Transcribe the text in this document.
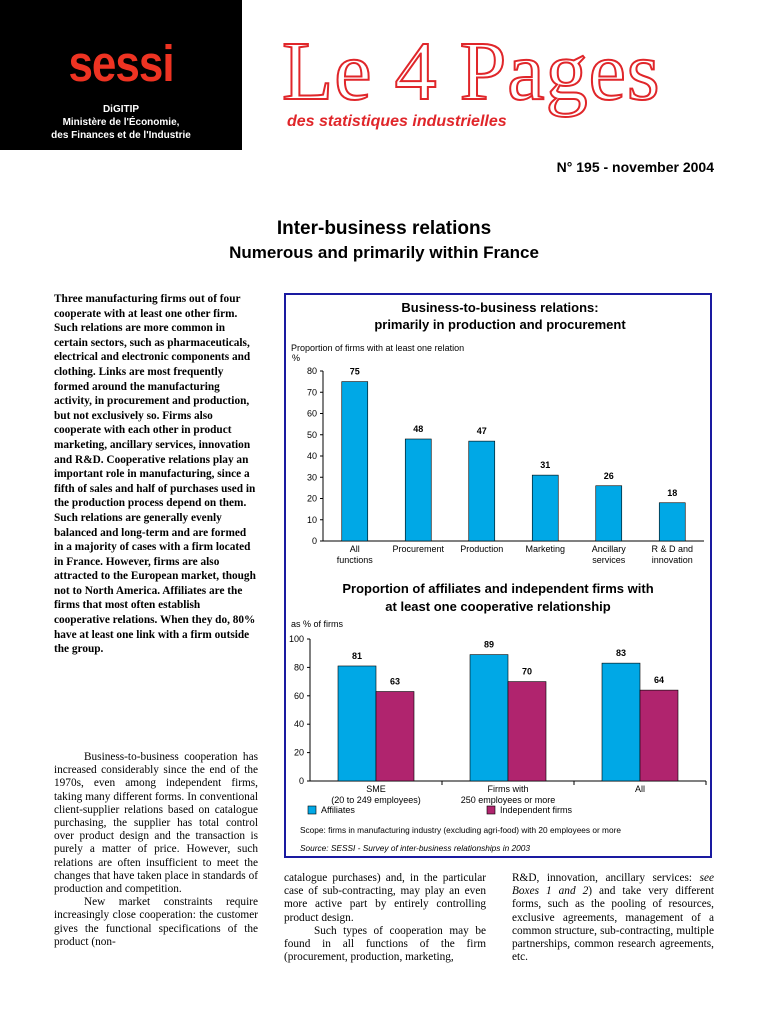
sessi
DiGITIP
Ministère de l'Économie,
des Finances et de l'Industrie
Le 4 Pages
des statistiques industrielles
N° 195 - november 2004
Inter-business relations
Numerous and primarily within France
Three manufacturing firms out of four cooperate with at least one other firm. Such relations are more common in certain sectors, such as pharmaceuticals, electrical and electronic components and clothing. Links are most frequently formed around the manufacturing activity, in procurement and production, but not exclusively so. Firms also cooperate with each other in product marketing, ancillary services, innovation and R&D. Cooperative relations play an important role in manufacturing, since a fifth of sales and half of purchases used in the production process depend on them. Such relations are generally evenly balanced and long-term and are formed in a majority of cases with a firm located in France. However, firms are also attracted to the European market, though not to North America. Affiliates are the firms that most often establish cooperative relations. When they do, 80% have at least one link with a firm outside the group.
Business-to-business cooperation has increased considerably since the end of the 1970s, even among independent firms, taking many different forms. In conventional client-supplier relations based on catalogue purchasing, the supplier has total control over product design and the transaction is purely a matter of price. However, such relations are often insufficient to meet the changes that have taken place in standards of production and competition.
New market constraints require increasingly close cooperation: the customer gives the functional specifications of the product (non-
catalogue purchases) and, in the particular case of sub-contracting, may play an even more active part by entirely controlling product design.
Such types of cooperation may be found in all functions of the firm (procurement, production, marketing,
R&D, innovation, ancillary services: see Boxes 1 and 2) and take very different forms, such as the pooling of resources, exclusive agreements, management of a common structure, sub-contracting, multiple partnerships, common research agreements, etc.
Business-to-business relations:
primarily in production and procurement
Proportion of firms with at least one relation
%
0
10
20
30
40
50
60
70
80	75
All
functions
48
Procurement
47
Production
31
Marketing
26
Ancillary
services
18
R & D and
innovation
Proportion of affiliates and independent firms with
at least one cooperative relationship
as % of firms
0
20
40
60
80
100
81
63
SME
(20 to 249 employees)
89
70
Firms with
250 employees or more
83
64
All
Affiliates	Independent firms
Scope: firms in manufacturing industry (excluding agri-food) with 20 employees or more
Source: SESSI - Survey of inter-business relationships in 2003
